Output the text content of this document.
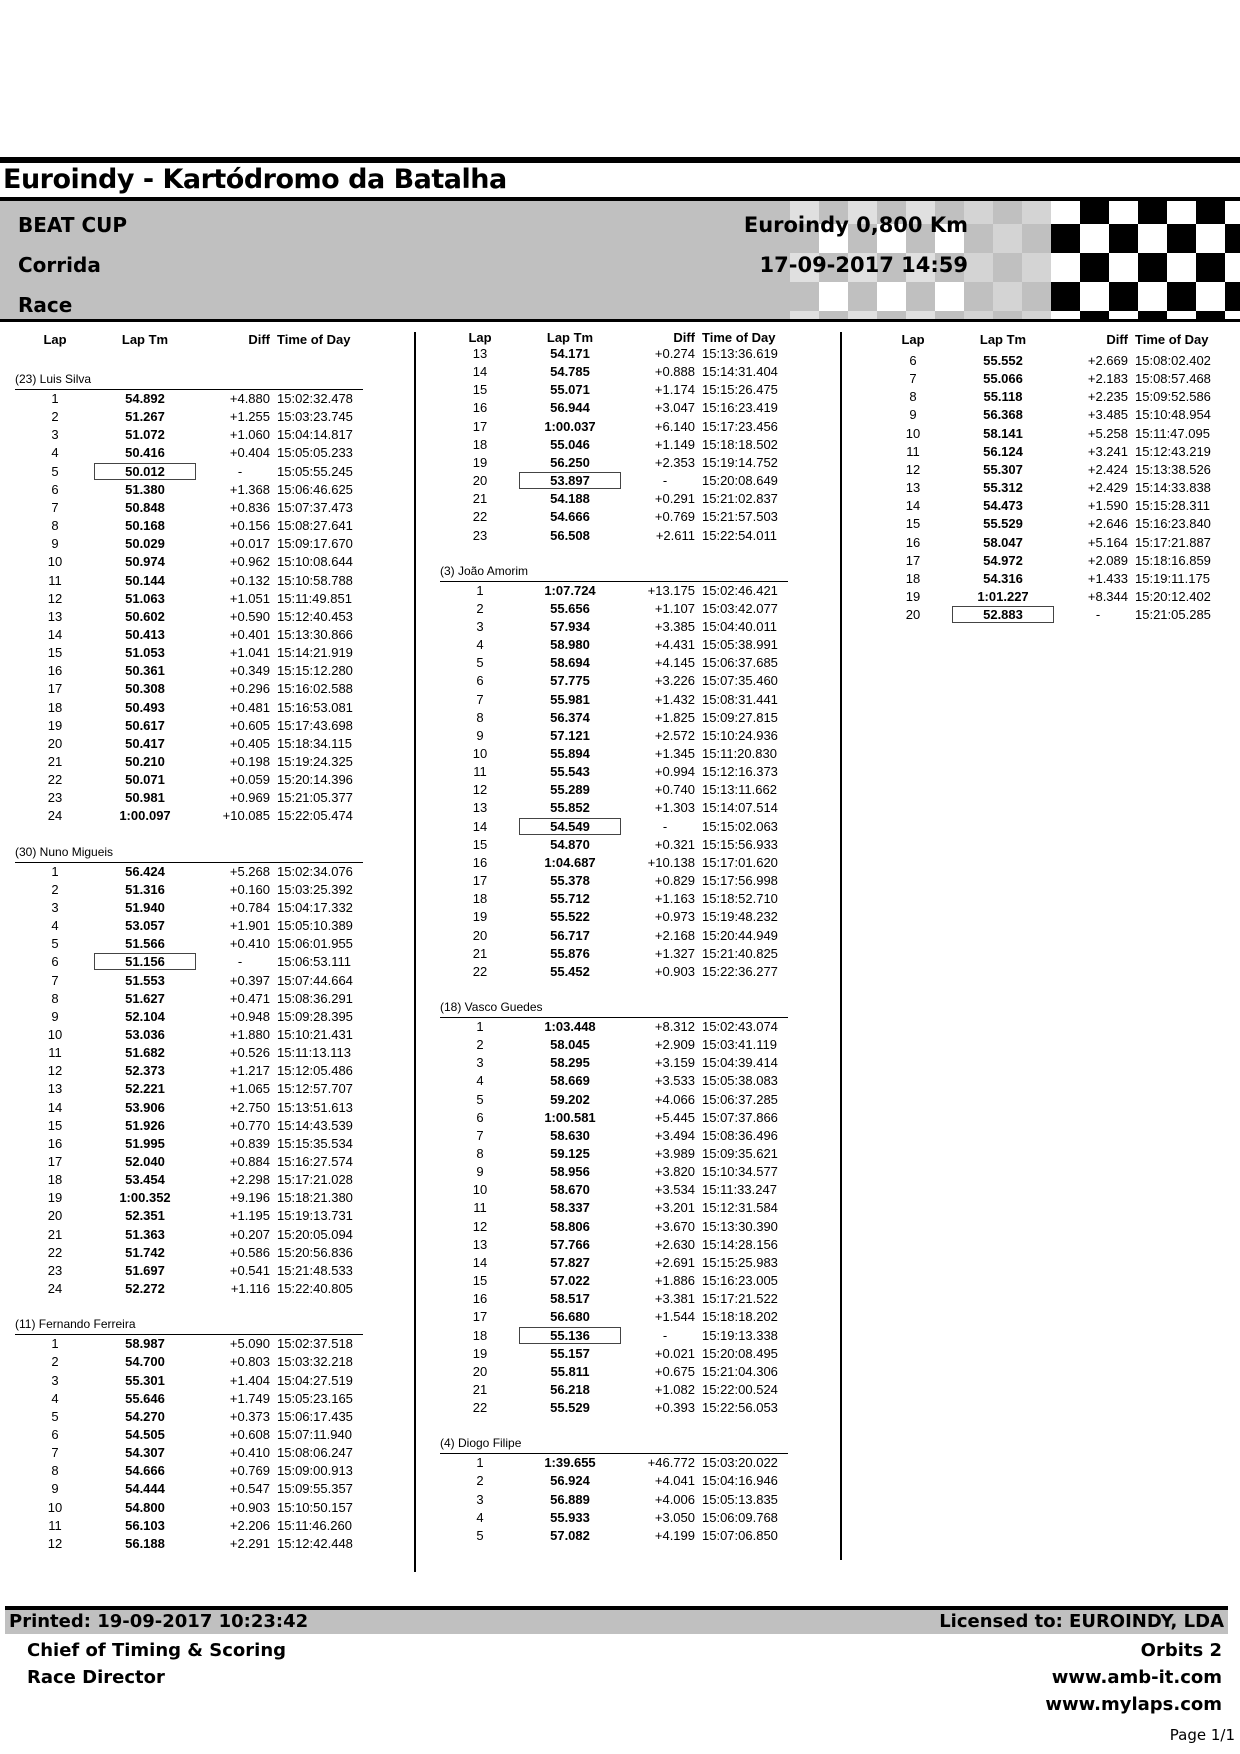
Euroindy - Kartódromo da Batalha
BEAT CUP
Corrida
Race
Euroindy 0,800 Km
17-09-2017 14:59
Lap	Lap Tm	Diff Time of Day
(23) Luis Silva
1	54.892	+4.880 15:02:32.478
2	51.267	+1.255 15:03:23.745
3	51.072	+1.060 15:04:14.817
4	50.416	+0.404 15:05:05.233
5	50.012	-	15:05:55.245
6	51.380	+1.368 15:06:46.625
7	50.848	+0.836 15:07:37.473
8	50.168	+0.156 15:08:27.641
9	50.029	+0.017 15:09:17.670
10	50.974	+0.962 15:10:08.644
11	50.144	+0.132 15:10:58.788
12	51.063	+1.051 15:11:49.851
13	50.602	+0.590 15:12:40.453
14	50.413	+0.401 15:13:30.866
15	51.053	+1.041 15:14:21.919
16	50.361	+0.349 15:15:12.280
17	50.308	+0.296 15:16:02.588
18	50.493	+0.481 15:16:53.081
19	50.617	+0.605 15:17:43.698
20	50.417	+0.405 15:18:34.115
21	50.210	+0.198 15:19:24.325
22	50.071	+0.059 15:20:14.396
23	50.981	+0.969 15:21:05.377
24	1:00.097	+10.085 15:22:05.474
(30) Nuno Migueis
1	56.424	+5.268 15:02:34.076
2	51.316	+0.160 15:03:25.392
3	51.940	+0.784 15:04:17.332
4	53.057	+1.901 15:05:10.389
5	51.566	+0.410 15:06:01.955
6	51.156	-	15:06:53.111
7	51.553	+0.397 15:07:44.664
8	51.627	+0.471 15:08:36.291
9	52.104	+0.948 15:09:28.395
10	53.036	+1.880 15:10:21.431
11	51.682	+0.526 15:11:13.113
12	52.373	+1.217 15:12:05.486
13	52.221	+1.065 15:12:57.707
14	53.906	+2.750 15:13:51.613
15	51.926	+0.770 15:14:43.539
16	51.995	+0.839 15:15:35.534
17	52.040	+0.884 15:16:27.574
18	53.454	+2.298 15:17:21.028
19	1:00.352	+9.196 15:18:21.380
20	52.351	+1.195 15:19:13.731
21	51.363	+0.207 15:20:05.094
22	51.742	+0.586 15:20:56.836
23	51.697	+0.541 15:21:48.533
24	52.272	+1.116 15:22:40.805
(11) Fernando Ferreira
1	58.987	+5.090 15:02:37.518
2	54.700	+0.803 15:03:32.218
3	55.301	+1.404 15:04:27.519
4	55.646	+1.749 15:05:23.165
5	54.270	+0.373 15:06:17.435
6	54.505	+0.608 15:07:11.940
7	54.307	+0.410 15:08:06.247
8	54.666	+0.769 15:09:00.913
9	54.444	+0.547 15:09:55.357
10	54.800	+0.903 15:10:50.157
11	56.103	+2.206 15:11:46.260
12	56.188	+2.291 15:12:42.448
Lap	Lap Tm	Diff Time of Day
13	54.171	+0.274 15:13:36.619
14	54.785	+0.888 15:14:31.404
15	55.071	+1.174 15:15:26.475
16	56.944	+3.047 15:16:23.419
17	1:00.037	+6.140 15:17:23.456
18	55.046	+1.149 15:18:18.502
19	56.250	+2.353 15:19:14.752
20	53.897	-	15:20:08.649
21	54.188	+0.291 15:21:02.837
22	54.666	+0.769 15:21:57.503
23	56.508	+2.611 15:22:54.011
(3) João Amorim
1	1:07.724	+13.175 15:02:46.421
2	55.656	+1.107 15:03:42.077
3	57.934	+3.385 15:04:40.011
4	58.980	+4.431 15:05:38.991
5	58.694	+4.145 15:06:37.685
6	57.775	+3.226 15:07:35.460
7	55.981	+1.432 15:08:31.441
8	56.374	+1.825 15:09:27.815
9	57.121	+2.572 15:10:24.936
10	55.894	+1.345 15:11:20.830
11	55.543	+0.994 15:12:16.373
12	55.289	+0.740 15:13:11.662
13	55.852	+1.303 15:14:07.514
14	54.549	-	15:15:02.063
15	54.870	+0.321 15:15:56.933
16	1:04.687	+10.138 15:17:01.620
17	55.378	+0.829 15:17:56.998
18	55.712	+1.163 15:18:52.710
19	55.522	+0.973 15:19:48.232
20	56.717	+2.168 15:20:44.949
21	55.876	+1.327 15:21:40.825
22	55.452	+0.903 15:22:36.277
(18) Vasco Guedes
1	1:03.448	+8.312 15:02:43.074
2	58.045	+2.909 15:03:41.119
3	58.295	+3.159 15:04:39.414
4	58.669	+3.533 15:05:38.083
5	59.202	+4.066 15:06:37.285
6	1:00.581	+5.445 15:07:37.866
7	58.630	+3.494 15:08:36.496
8	59.125	+3.989 15:09:35.621
9	58.956	+3.820 15:10:34.577
10	58.670	+3.534 15:11:33.247
11	58.337	+3.201 15:12:31.584
12	58.806	+3.670 15:13:30.390
13	57.766	+2.630 15:14:28.156
14	57.827	+2.691 15:15:25.983
15	57.022	+1.886 15:16:23.005
16	58.517	+3.381 15:17:21.522
17	56.680	+1.544 15:18:18.202
18	55.136	-	15:19:13.338
19	55.157	+0.021 15:20:08.495
20	55.811	+0.675 15:21:04.306
21	56.218	+1.082 15:22:00.524
22	55.529	+0.393 15:22:56.053
(4) Diogo Filipe
1	1:39.655	+46.772 15:03:20.022
2	56.924	+4.041 15:04:16.946
3	56.889	+4.006 15:05:13.835
4	55.933	+3.050 15:06:09.768
5	57.082	+4.199 15:07:06.850
Lap	Lap Tm	Diff Time of Day
6	55.552	+2.669 15:08:02.402
7	55.066	+2.183 15:08:57.468
8	55.118	+2.235 15:09:52.586
9	56.368	+3.485 15:10:48.954
10	58.141	+5.258 15:11:47.095
11	56.124	+3.241 15:12:43.219
12	55.307	+2.424 15:13:38.526
13	55.312	+2.429 15:14:33.838
14	54.473	+1.590 15:15:28.311
15	55.529	+2.646 15:16:23.840
16	58.047	+5.164 15:17:21.887
17	54.972	+2.089 15:18:16.859
18	54.316	+1.433 15:19:11.175
19	1:01.227	+8.344 15:20:12.402
20	52.883	-	15:21:05.285
Printed: 19-09-2017 10:23:42	Licensed to: EUROINDY, LDA
Chief of Timing & Scoring
Race Director
Orbits 2
www.amb-it.com
www.mylaps.com
Page 1/1
